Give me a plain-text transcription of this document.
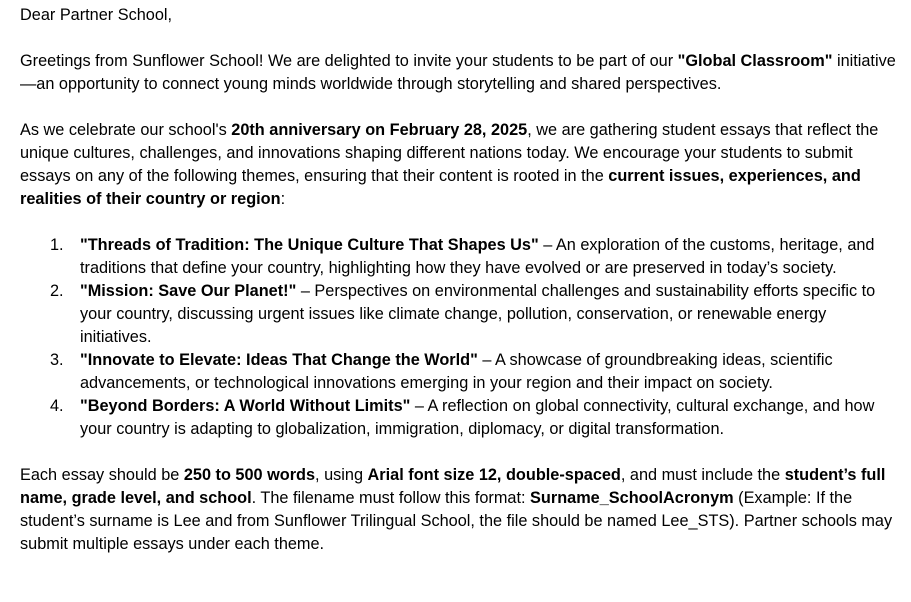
Dear Partner School,

Greetings from Sunflower School! We are delighted to invite your students to be part of our "Global Classroom" initiative—an opportunity to connect young minds worldwide through storytelling and shared perspectives.

As we celebrate our school's 20th anniversary on February 28, 2025, we are gathering student essays that reflect the unique cultures, challenges, and innovations shaping different nations today. We encourage your students to submit essays on any of the following themes, ensuring that their content is rooted in the current issues, experiences, and realities of their country or region:

1. "Threads of Tradition: The Unique Culture That Shapes Us" – An exploration of the customs, heritage, and traditions that define your country, highlighting how they have evolved or are preserved in today’s society.
2. "Mission: Save Our Planet!" – Perspectives on environmental challenges and sustainability efforts specific to your country, discussing urgent issues like climate change, pollution, conservation, or renewable energy initiatives.
3. "Innovate to Elevate: Ideas That Change the World" – A showcase of groundbreaking ideas, scientific advancements, or technological innovations emerging in your region and their impact on society.
4. "Beyond Borders: A World Without Limits" – A reflection on global connectivity, cultural exchange, and how your country is adapting to globalization, immigration, diplomacy, or digital transformation.

Each essay should be 250 to 500 words, using Arial font size 12, double-spaced, and must include the student’s full name, grade level, and school. The filename must follow this format: Surname_SchoolAcronym (Example: If the student’s surname is Lee and from Sunflower Trilingual School, the file should be named Lee_STS). Partner schools may submit multiple essays under each theme.
